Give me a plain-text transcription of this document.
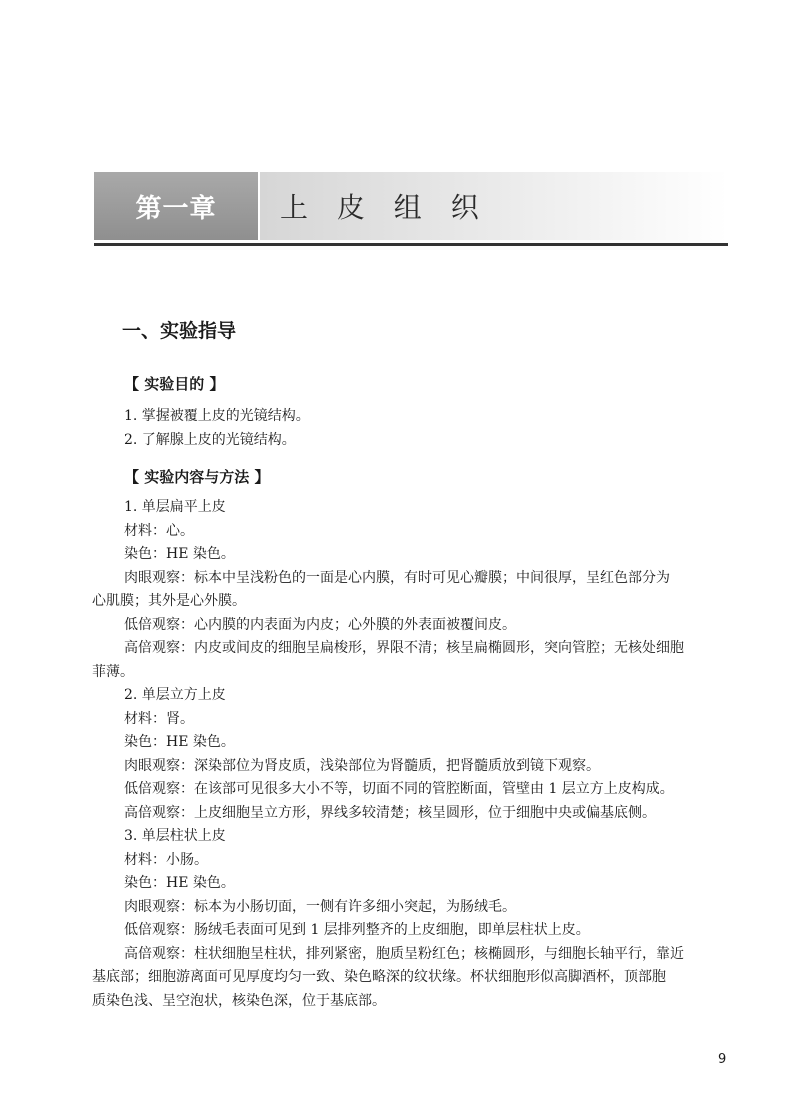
第一章	上 皮 组 织
一、实验指导
【 实验目的 】
1. 掌握被覆上皮的光镜结构。
2. 了解腺上皮的光镜结构。
【 实验内容与方法 】
1. 单层扁平上皮
材料：心。
染色：HE 染色。
肉眼观察：标本中呈浅粉色的一面是心内膜，有时可见心瓣膜；中间很厚，呈红色部分为
心肌膜；其外是心外膜。
低倍观察：心内膜的内表面为内皮；心外膜的外表面被覆间皮。
高倍观察：内皮或间皮的细胞呈扁梭形，界限不清；核呈扁椭圆形，突向管腔；无核处细胞
菲薄。
2. 单层立方上皮
材料：肾。
染色：HE 染色。
肉眼观察：深染部位为肾皮质，浅染部位为肾髓质，把肾髓质放到镜下观察。
低倍观察：在该部可见很多大小不等，切面不同的管腔断面，管壁由 1 层立方上皮构成。
高倍观察：上皮细胞呈立方形，界线多较清楚；核呈圆形，位于细胞中央或偏基底侧。
3. 单层柱状上皮
材料：小肠。
染色：HE 染色。
肉眼观察：标本为小肠切面，一侧有许多细小突起，为肠绒毛。
低倍观察：肠绒毛表面可见到 1 层排列整齐的上皮细胞，即单层柱状上皮。
高倍观察：柱状细胞呈柱状，排列紧密，胞质呈粉红色；核椭圆形，与细胞长轴平行，靠近
基底部；细胞游离面可见厚度均匀一致、染色略深的纹状缘。杯状细胞形似高脚酒杯，顶部胞
质染色浅、呈空泡状，核染色深，位于基底部。
9
